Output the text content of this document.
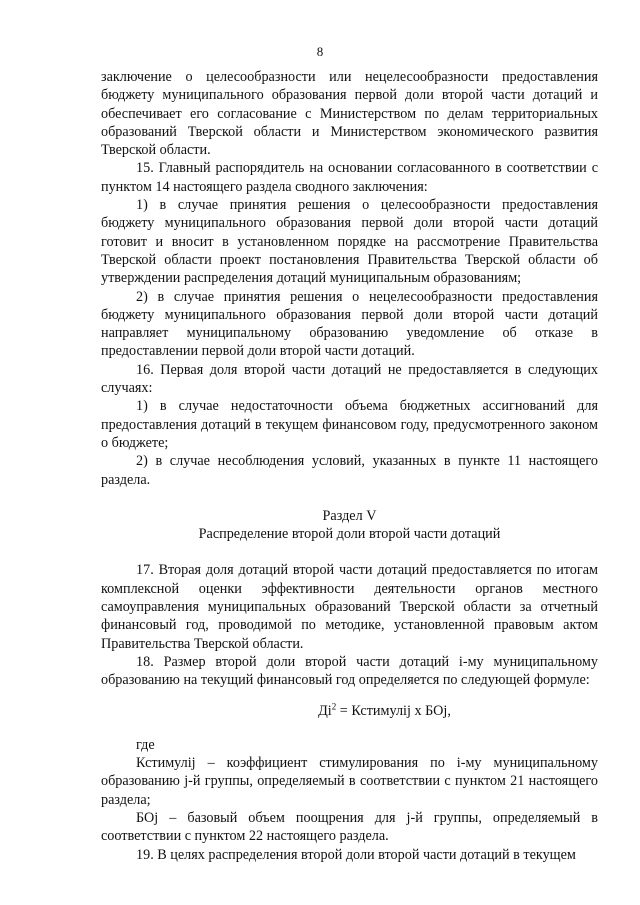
8

заключение о целесообразности или нецелесообразности предоставления бюджету муниципального образования первой доли второй части дотаций и обеспечивает его согласование с Министерством по делам территориальных образований Тверской области и Министерством экономического развития Тверской области.

15. Главный распорядитель на основании согласованного в соответствии с пунктом 14 настоящего раздела сводного заключения:

1) в случае принятия решения о целесообразности предоставления бюджету муниципального образования первой доли второй части дотаций готовит и вносит в установленном порядке на рассмотрение Правительства Тверской области проект постановления Правительства Тверской области об утверждении распределения дотаций муниципальным образованиям;

2) в случае принятия решения о нецелесообразности предоставления бюджету муниципального образования первой доли второй части дотаций направляет муниципальному образованию уведомление об отказе в предоставлении первой доли второй части дотаций.

16. Первая доля второй части дотаций не предоставляется в следующих случаях:

1) в случае недостаточности объема бюджетных ассигнований для предоставления дотаций в текущем финансовом году, предусмотренного законом о бюджете;

2) в случае несоблюдения условий, указанных в пункте 11 настоящего раздела.

Раздел V

Распределение второй доли второй части дотаций

17. Вторая доля дотаций второй части дотаций предоставляется по итогам комплексной оценки эффективности деятельности органов местного самоуправления муниципальных образований Тверской области за отчетный финансовый год, проводимой по методике, установленной правовым актом Правительства Тверской области.

18. Размер второй доли второй части дотаций i-му муниципальному образованию на текущий финансовый год определяется по следующей формуле:

$Дi^2$ = Кстимулij х БОj,

где

Кстимулij – коэффициент стимулирования по i-му муниципальному образованию j-й группы, определяемый в соответствии с пунктом 21 настоящего раздела;

БОj – базовый объем поощрения для j-й группы, определяемый в соответствии с пунктом 22 настоящего раздела.

19. В целях распределения второй доли второй части дотаций в текущем
